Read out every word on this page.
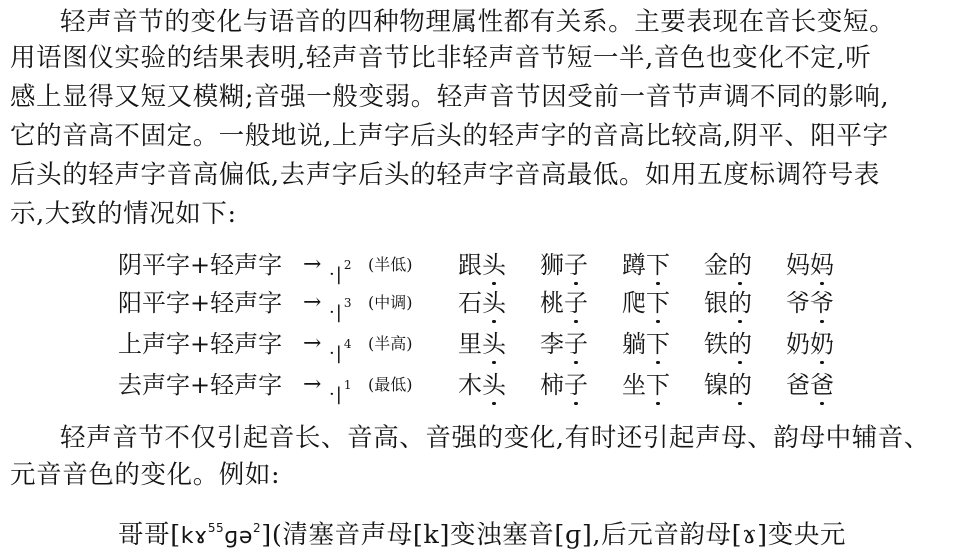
轻声音节的变化与语音的四种物理属性都有关系。主要表现在音长变短。
用语图仪实验的结果表明,轻声音节比非轻声音节短一半,音色也变化不定,听
感上显得又短又模糊;音强一般变弱。轻声音节因受前一音节声调不同的影响,
它的音高不固定。一般地说,上声字后头的轻声字的音高比较高,阴平、阳平字
后头的轻声字音高偏低,去声字后头的轻声字音高最低。如用五度标调符号表
示,大致的情况如下:
阴平字+轻声字 → $\cdot|^2$ (半低) 跟头 狮子 蹲下 金的 妈妈
阳平字+轻声字 → $\cdot|^3$ (中调) 石头 桃子 爬下 银的 爷爷
上声字+轻声字 → $\cdot|^4$ (半高) 里头 李子 躺下 铁的 奶奶
去声字+轻声字 → $\cdot|^1$ (最低) 木头 柿子 坐下 镍的 爸爸
轻声音节不仅引起音长、音高、音强的变化,有时还引起声母、韵母中辅音、
元音音色的变化。例如:
哥哥[kɤ$^{55}$ɡə$^2$](清塞音声母[k]变浊塞音[ɡ],后元音韵母[ɤ]变央元
